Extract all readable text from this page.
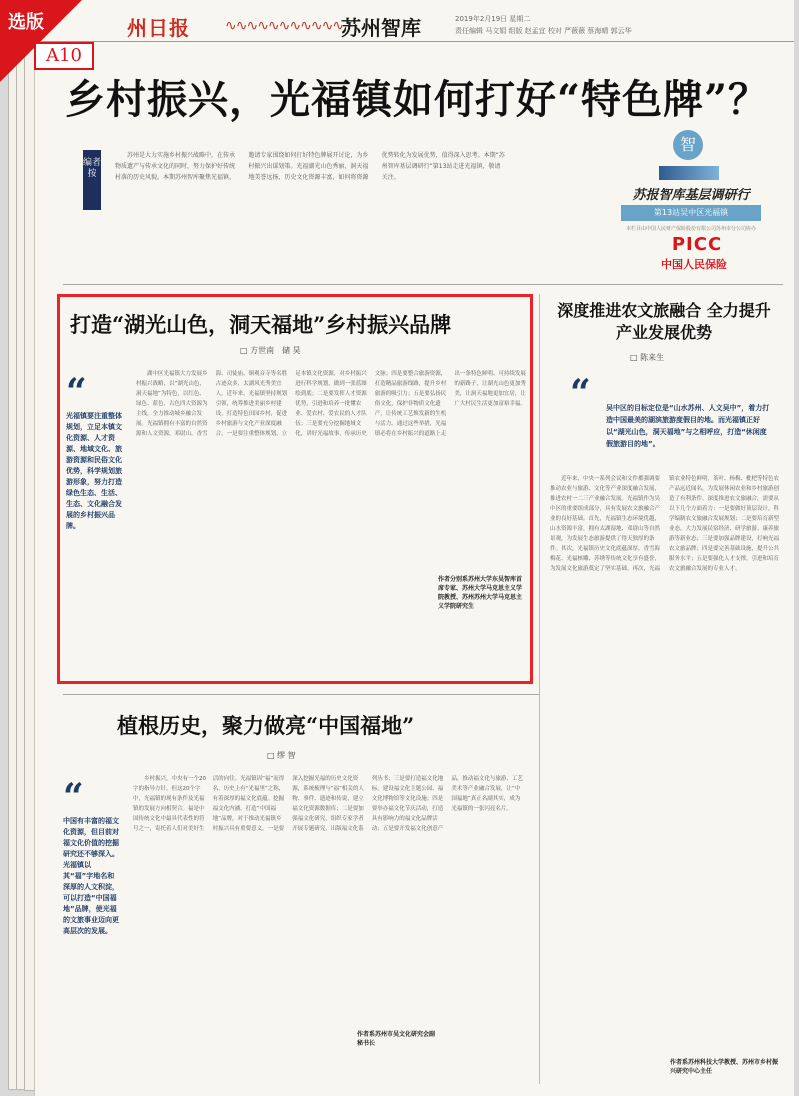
州日报	∿∿∿∿∿∿∿∿∿∿∿
苏州智库	2019年2月19日 星期二
责任编辑 马文娟 组版 赵孟宜 校对 严薇薇 蔡海晴 郭云华
乡村振兴，光福镇如何打好“特色牌”？
编者按
苏州是大力实施乡村振兴战略中，在传承物质遗产与传承文化的同时，努力保护好传统村落的历史风貌。本期苏州智库聚焦光福镇，邀请专家围绕如何打好特色牌展开讨论，为乡村振兴出谋划策。光福湖光山色秀丽，洞天福地美誉远扬，历史文化资源丰富，如何将资源优势转化为发展优势，值得深入思考。本期“苏州智库基层调研行”第13站走进光福镇，敬请关注。
智
苏报智库基层调研行
第13站吴中区光福镇
本栏目由中国人民财产保险股份有限公司苏州市分公司协办
PICC
中国人民保险
打造“湖光山色，洞天福地”乡村振兴品牌
□ 方世南　储 昊
“
光福镇要注重整体规划，立足本镇文化资源、人才资源、地域文化、旅游资源和民俗文化优势，科学规划旅游形象，努力打造绿色生态、生活、生态、文化融合发展的乡村振兴品牌。
湖中区光福镇大力发展乡村振兴战略，以“湖光山色，洞天福地”为特色，以红色、绿色、蓝色、古色四大资源为主线，全力推动城乡融合发展。光福镇拥有丰富的自然资源和人文资源，邓尉山、香雪海、司徒庙、铜观音寺等名胜古迹众多，太湖风光秀美宜人。近年来，光福镇坚持规划引领，统筹推进美丽乡村建设，打造特色田园乡村，促进乡村旅游与文化产业深度融合。一是要注重整体规划，立足本镇文化资源，对乡村振兴进行科学规划，做到一张蓝图绘到底；二是要发挥人才资源优势，引进和培养一批懂农业、爱农村、爱农民的人才队伍；三是要充分挖掘地域文化，讲好光福故事，传承历史文脉；四是要整合旅游资源，打造精品旅游线路，提升乡村旅游的吸引力；五是要弘扬民俗文化，保护非物质文化遗产，让传统工艺焕发新的生机与活力。通过这些举措，光福镇必将在乡村振兴的道路上走出一条特色鲜明、可持续发展的新路子，让湖光山色更加秀美，让洞天福地更加宜居，让广大村民生活更加富裕幸福。
作者分别系苏州大学东吴智库首席专家、苏州大学马克思主义学院教授、苏州苏州大学马克思主义学院研究生
深度推进农文旅融合 全力提升产业发展优势
□ 陈来生
“ 吴中区的目标定位是“山水苏州、人文吴中”，着力打造中国最美的湖滨旅游度假目的地。而光福镇正好以“湖光山色，洞天福地”与之相呼应，打造“休闲度假旅游目的地”。
近年来，中央一系列会议和文件都强调要推动农业与旅游、文化等产业深度融合发展，推进农村一二三产业融合发展。光福镇作为吴中区的重要组成部分，具有发展农文旅融合产业的良好基础。首先，光福镇生态环境优越，山水资源丰富，拥有太湖湿地、邓尉山等自然景观，为发展生态旅游提供了得天独厚的条件。其次，光福镇历史文化底蕴深厚，香雪海梅花、光福核雕、苏绣等传统文化享有盛誉，为发展文化旅游奠定了坚实基础。再次，光福镇农业特色鲜明，茶叶、杨梅、枇杷等特色农产品远近闻名，为发展休闲农业和乡村旅游创造了有利条件。深度推进农文旅融合，需要从以下几个方面着力：一是要做好顶层设计，科学编制农文旅融合发展规划；二是要培育新型业态，大力发展民宿经济、研学旅游、康养旅游等新业态；三是要加强品牌建设，打响光福农文旅品牌；四是要完善基础设施，提升公共服务水平；五是要强化人才支撑，引进和培育农文旅融合发展的专业人才。
作者系苏州科技大学教授、苏州市乡村振兴研究中心主任
植根历史，聚力做亮“中国福地”
□ 缪 智
“
中国有丰富的福文化资源，但目前对福文化价值的挖掘研究还不够深入。光福镇以其“福”字地名和深厚的人文积淀，可以打造“中国福地”品牌，使光福的文旅事业迈向更高层次的发展。
乡村振兴，中央有一个20字的指导方针，但这20个字中，光福镇的现有条件及光福镇的发展方向相契合。福是中国传统文化中最具代表性的符号之一，寄托着人们对美好生活的向往。光福镇因“福”而得名，历史上有“光福里”之称，有着深厚的福文化底蕴。挖掘福文化内涵，打造“中国福地”品牌，对于推动光福镇乡村振兴具有重要意义。一是要深入挖掘光福的历史文化资源，系统梳理与“福”相关的人物、事件、遗迹和传说，建立福文化资源数据库；二是要加强福文化研究，组织专家学者开展专题研究，出版福文化系列丛书；三是要打造福文化地标，建设福文化主题公园、福文化博物馆等文化设施；四是要举办福文化节庆活动，打造具有影响力的福文化品牌活动；五是要开发福文化创意产品，推动福文化与旅游、工艺美术等产业融合发展，让“中国福地”真正名副其实，成为光福镇的一张闪亮名片。
作者系苏州市吴文化研究会副秘书长
选版
A10
